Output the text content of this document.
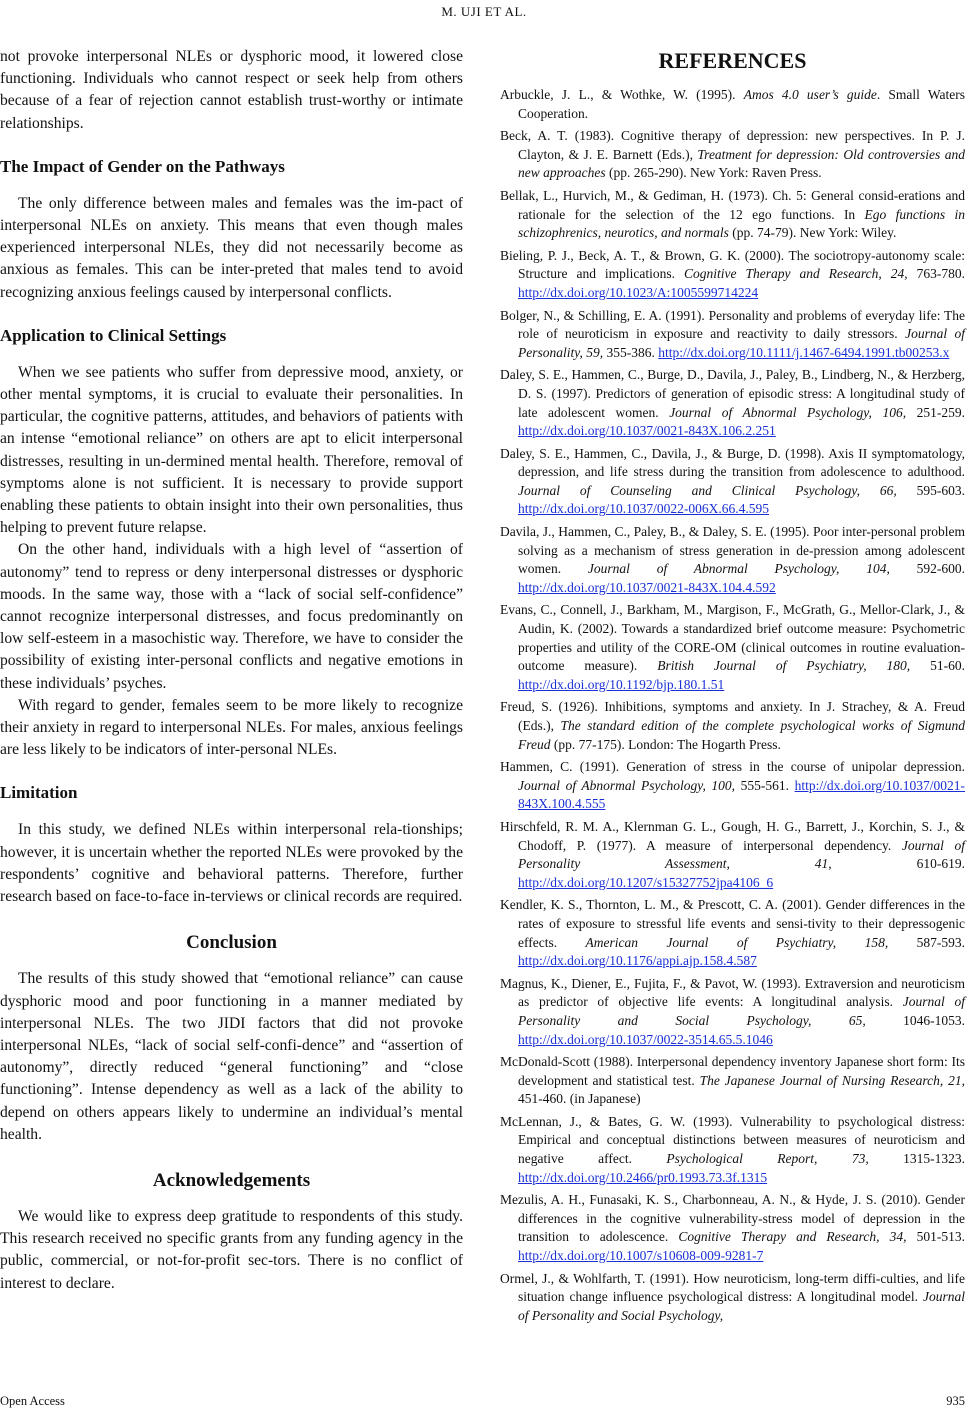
M. UJI ET AL.

not provoke interpersonal NLEs or dysphoric mood, it lowered close functioning. Individuals who cannot respect or seek help from others because of a fear of rejection cannot establish trust-worthy or intimate relationships.

The Impact of Gender on the Pathways

The only difference between males and females was the im-pact of interpersonal NLEs on anxiety. This means that even though males experienced interpersonal NLEs, they did not necessarily become as anxious as females. This can be inter-preted that males tend to avoid recognizing anxious feelings caused by interpersonal conflicts.

Application to Clinical Settings

When we see patients who suffer from depressive mood, anxiety, or other mental symptoms, it is crucial to evaluate their personalities. In particular, the cognitive patterns, attitudes, and behaviors of patients with an intense “emotional reliance” on others are apt to elicit interpersonal distresses, resulting in un-dermined mental health. Therefore, removal of symptoms alone is not sufficient. It is necessary to provide support enabling these patients to obtain insight into their own personalities, thus helping to prevent future relapse.

On the other hand, individuals with a high level of “assertion of autonomy” tend to repress or deny interpersonal distresses or dysphoric moods. In the same way, those with a “lack of social self-confidence” cannot recognize interpersonal distresses, and focus predominantly on low self-esteem in a masochistic way. Therefore, we have to consider the possibility of existing inter-personal conflicts and negative emotions in these individuals’ psyches.

With regard to gender, females seem to be more likely to recognize their anxiety in regard to interpersonal NLEs. For males, anxious feelings are less likely to be indicators of inter-personal NLEs.

Limitation

In this study, we defined NLEs within interpersonal rela-tionships; however, it is uncertain whether the reported NLEs were provoked by the respondents’ cognitive and behavioral patterns. Therefore, further research based on face-to-face in-terviews or clinical records are required.

Conclusion

The results of this study showed that “emotional reliance” can cause dysphoric mood and poor functioning in a manner mediated by interpersonal NLEs. The two JIDI factors that did not provoke interpersonal NLEs, “lack of social self-confi-dence” and “assertion of autonomy”, directly reduced “general functioning” and “close functioning”. Intense dependency as well as a lack of the ability to depend on others appears likely to undermine an individual’s mental health.

Acknowledgements

We would like to express deep gratitude to respondents of this study. This research received no specific grants from any funding agency in the public, commercial, or not-for-profit sec-tors. There is no conflict of interest to declare.

REFERENCES

Arbuckle, J. L., & Wothke, W. (1995). Amos 4.0 user’s guide. Small Waters Cooperation.

Beck, A. T. (1983). Cognitive therapy of depression: new perspectives. In P. J. Clayton, & J. E. Barnett (Eds.), Treatment for depression: Old controversies and new approaches (pp. 265-290). New York: Raven Press.

Bellak, L., Hurvich, M., & Gediman, H. (1973). Ch. 5: General consid-erations and rationale for the selection of the 12 ego functions. In Ego functions in schizophrenics, neurotics, and normals (pp. 74-79). New York: Wiley.

Bieling, P. J., Beck, A. T., & Brown, G. K. (2000). The sociotropy-autonomy scale: Structure and implications. Cognitive Therapy and Research, 24, 763-780. http://dx.doi.org/10.1023/A:1005599714224

Bolger, N., & Schilling, E. A. (1991). Personality and problems of everyday life: The role of neuroticism in exposure and reactivity to daily stressors. Journal of Personality, 59, 355-386. http://dx.doi.org/10.1111/j.1467-6494.1991.tb00253.x

Daley, S. E., Hammen, C., Burge, D., Davila, J., Paley, B., Lindberg, N., & Herzberg, D. S. (1997). Predictors of generation of episodic stress: A longitudinal study of late adolescent women. Journal of Abnormal Psychology, 106, 251-259. http://dx.doi.org/10.1037/0021-843X.106.2.251

Daley, S. E., Hammen, C., Davila, J., & Burge, D. (1998). Axis II symptomatology, depression, and life stress during the transition from adolescence to adulthood. Journal of Counseling and Clinical Psychology, 66, 595-603. http://dx.doi.org/10.1037/0022-006X.66.4.595

Davila, J., Hammen, C., Paley, B., & Daley, S. E. (1995). Poor inter-personal problem solving as a mechanism of stress generation in de-pression among adolescent women. Journal of Abnormal Psychology, 104, 592-600. http://dx.doi.org/10.1037/0021-843X.104.4.592

Evans, C., Connell, J., Barkham, M., Margison, F., McGrath, G., Mellor-Clark, J., & Audin, K. (2002). Towards a standardized brief outcome measure: Psychometric properties and utility of the CORE-OM (clinical outcomes in routine evaluation-outcome measure). British Journal of Psychiatry, 180, 51-60. http://dx.doi.org/10.1192/bjp.180.1.51

Freud, S. (1926). Inhibitions, symptoms and anxiety. In J. Strachey, & A. Freud (Eds.), The standard edition of the complete psychological works of Sigmund Freud (pp. 77-175). London: The Hogarth Press.

Hammen, C. (1991). Generation of stress in the course of unipolar depression. Journal of Abnormal Psychology, 100, 555-561. http://dx.doi.org/10.1037/0021-843X.100.4.555

Hirschfeld, R. M. A., Klernman G. L., Gough, H. G., Barrett, J., Korchin, S. J., & Chodoff, P. (1977). A measure of interpersonal dependency. Journal of Personality Assessment, 41, 610-619. http://dx.doi.org/10.1207/s15327752jpa4106_6

Kendler, K. S., Thornton, L. M., & Prescott, C. A. (2001). Gender differences in the rates of exposure to stressful life events and sensi-tivity to their depressogenic effects. American Journal of Psychiatry, 158, 587-593. http://dx.doi.org/10.1176/appi.ajp.158.4.587

Magnus, K., Diener, E., Fujita, F., & Pavot, W. (1993). Extraversion and neuroticism as predictor of objective life events: A longitudinal analysis. Journal of Personality and Social Psychology, 65, 1046-1053. http://dx.doi.org/10.1037/0022-3514.65.5.1046

McDonald-Scott (1988). Interpersonal dependency inventory Japanese short form: Its development and statistical test. The Japanese Journal of Nursing Research, 21, 451-460. (in Japanese)

McLennan, J., & Bates, G. W. (1993). Vulnerability to psychological distress: Empirical and conceptual distinctions between measures of neuroticism and negative affect. Psychological Report, 73, 1315-1323. http://dx.doi.org/10.2466/pr0.1993.73.3f.1315

Mezulis, A. H., Funasaki, K. S., Charbonneau, A. N., & Hyde, J. S. (2010). Gender differences in the cognitive vulnerability-stress model of depression in the transition to adolescence. Cognitive Therapy and Research, 34, 501-513. http://dx.doi.org/10.1007/s10608-009-9281-7

Ormel, J., & Wohlfarth, T. (1991). How neuroticism, long-term diffi-culties, and life situation change influence psychological distress: A longitudinal model. Journal of Personality and Social Psychology,

Open Access	935
